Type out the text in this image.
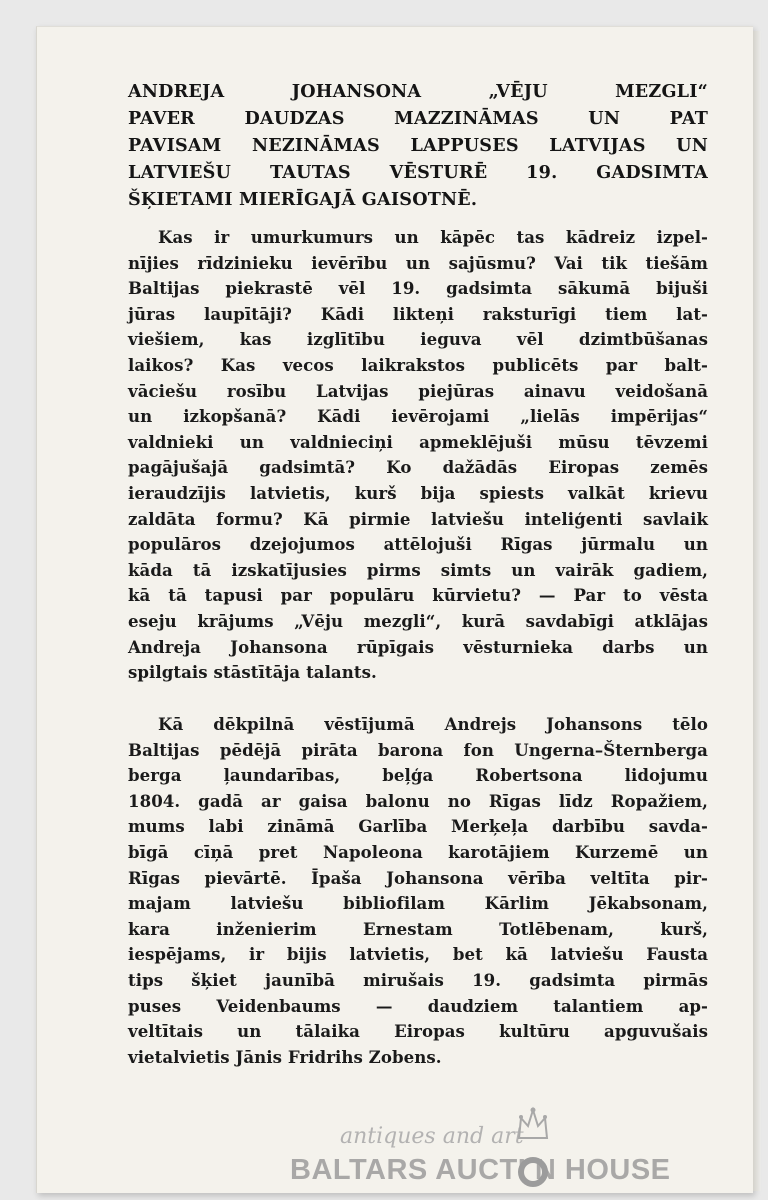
ANDREJA JOHANSONA „VĒJU MEZGLI“
PAVER DAUDZAS MAZZINĀMAS UN PAT
PAVISAM NEZINĀMAS LAPPUSES LATVIJAS UN
LATVIEŠU TAUTAS VĒSTURĒ 19. GADSIMTA
ŠĶIETAMI MIERĪGAJĀ GAISOTNĒ.
Kas ir umurkumurs un kāpēc tas kādreiz izpel-
nījies rīdzinieku ievērību un sajūsmu? Vai tik tiešām
Baltijas piekrastē vēl 19. gadsimta sākumā bijuši
jūras laupītāji? Kādi likteņi raksturīgi tiem lat-
viešiem, kas izglītību ieguva vēl dzimtbūšanas
laikos? Kas vecos laikrakstos publicēts par balt-
vāciešu rosību Latvijas piejūras ainavu veidošanā
un izkopšanā? Kādi ievērojami „lielās impērijas“
valdnieki un valdnieciņi apmeklējuši mūsu tēvzemi
pagājušajā gadsimtā? Ko dažādās Eiropas zemēs
ieraudzījis latvietis, kurš bija spiests valkāt krievu
zaldāta formu? Kā pirmie latviešu inteliģenti savlaik
populāros dzejojumos attēlojuši Rīgas jūrmalu un
kāda tā izskatījusies pirms simts un vairāk gadiem,
kā tā tapusi par populāru kūrvietu? — Par to vēsta
eseju krājums „Vēju mezgli“, kurā savdabīgi atklājas
Andreja Johansona rūpīgais vēsturnieka darbs un
spilgtais stāstītāja talants.
Kā dēkpilnā vēstījumā Andrejs Johansons tēlo
Baltijas pēdējā pirāta barona fon Ungerna–Šternberga
berga ļaundarības, beļģa Robertsona lidojumu
1804. gadā ar gaisa balonu no Rīgas līdz Ropažiem,
mums labi zināmā Garlība Merķeļa darbību savda-
bīgā cīņā pret Napoleona karotājiem Kurzemē un
Rīgas pievārtē. Īpaša Johansona vērība veltīta pir-
majam latviešu bibliofilam Kārlim Jēkabsonam,
kara inženierim Ernestam Totlēbenam, kurš,
iespējams, ir bijis latvietis, bet kā latviešu Fausta
tips šķiet jaunībā mirušais 19. gadsimta pirmās
puses Veidenbaums — daudziem talantiem ap-
veltītais un tālaika Eiropas kultūru apguvušais
vietalvietis Jānis Fridrihs Zobens.
antiques and art
BALTARS AUCTI N HOUSE
